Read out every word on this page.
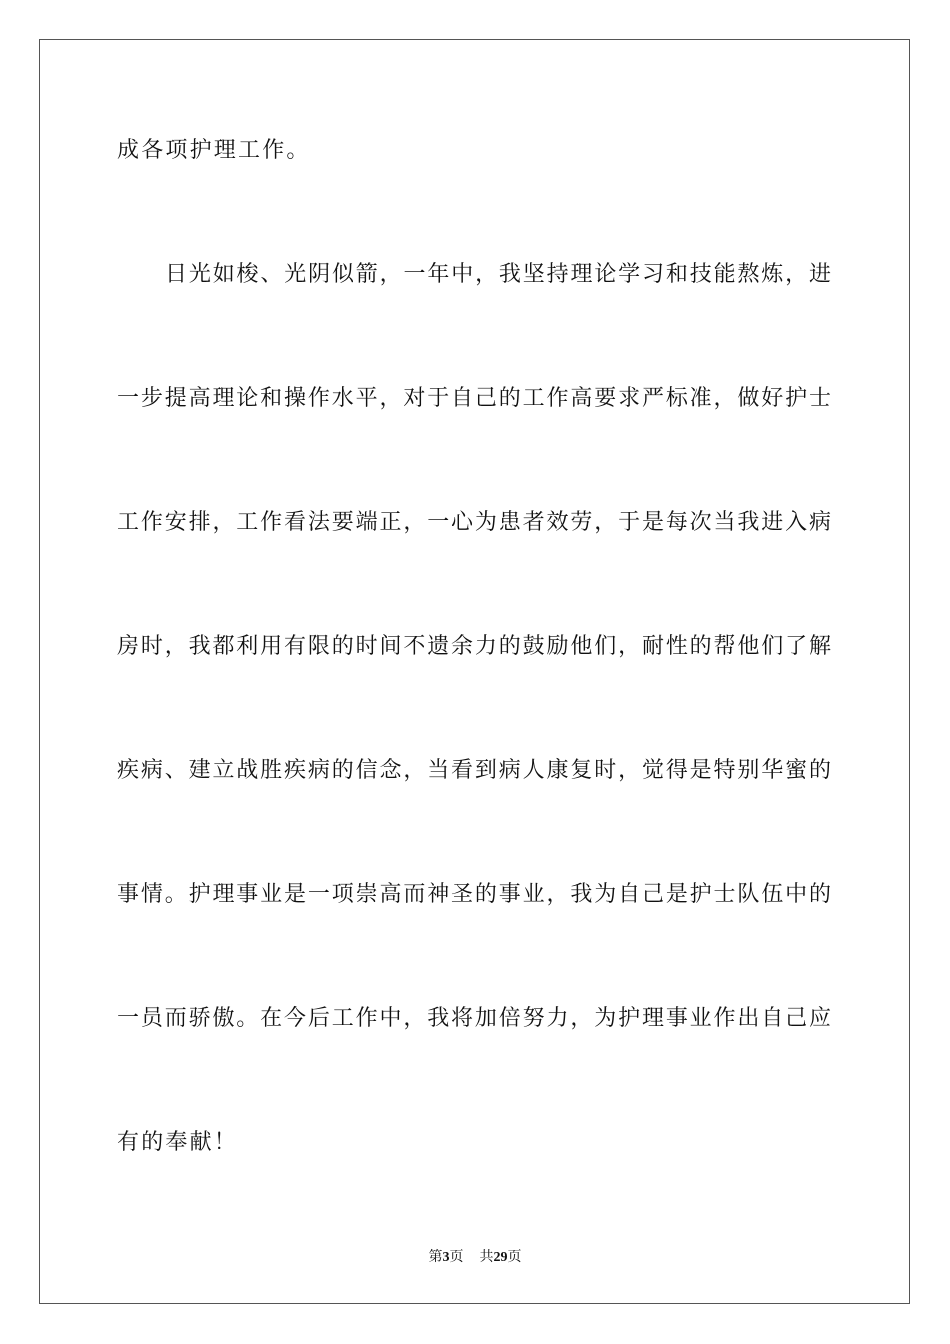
成各项护理工作。
日光如梭、光阴似箭，一年中，我坚持理论学习和技能熬炼，进
一步提高理论和操作水平，对于自己的工作高要求严标准，做好护士
工作安排，工作看法要端正，一心为患者效劳，于是每次当我进入病
房时，我都利用有限的时间不遗余力的鼓励他们，耐性的帮他们了解
疾病、建立战胜疾病的信念，当看到病人康复时，觉得是特别华蜜的
事情。护理事业是一项崇高而神圣的事业，我为自己是护士队伍中的
一员而骄傲。在今后工作中，我将加倍努力，为护理事业作出自己应
有的奉献！
第3页 共29页
